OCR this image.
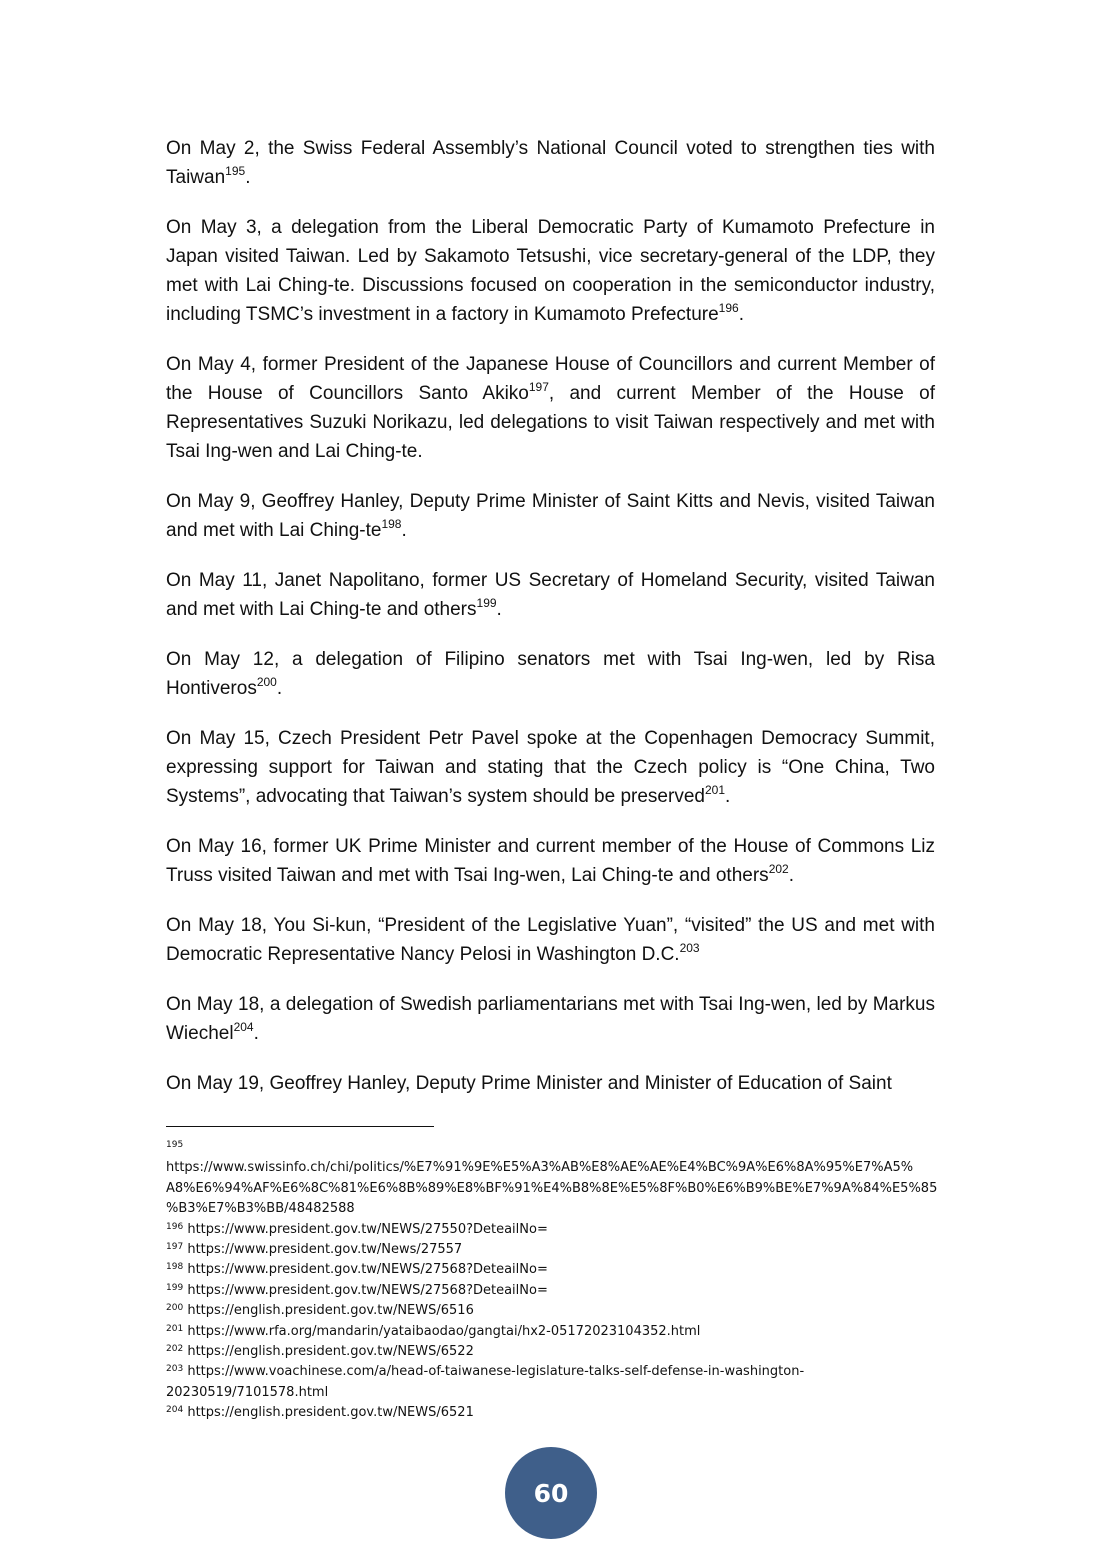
On May 2, the Swiss Federal Assembly’s National Council voted to strengthen ties with Taiwan$^{195}$.

On May 3, a delegation from the Liberal Democratic Party of Kumamoto Prefecture in Japan visited Taiwan. Led by Sakamoto Tetsushi, vice secretary-general of the LDP, they met with Lai Ching-te. Discussions focused on cooperation in the semiconductor industry, including TSMC’s investment in a factory in Kumamoto Prefecture$^{196}$.

On May 4, former President of the Japanese House of Councillors and current Member of the House of Councillors Santo Akiko$^{197}$, and current Member of the House of Representatives Suzuki Norikazu, led delegations to visit Taiwan respectively and met with Tsai Ing-wen and Lai Ching-te.

On May 9, Geoffrey Hanley, Deputy Prime Minister of Saint Kitts and Nevis, visited Taiwan and met with Lai Ching-$te^{198}$.

On May 11, Janet Napolitano, former US Secretary of Homeland Security, visited Taiwan and met with Lai Ching-te and others$^{199}$.

On May 12, a delegation of Filipino senators met with Tsai Ing-wen, led by Risa Hontiveros$^{200}$.

On May 15, Czech President Petr Pavel spoke at the Copenhagen Democracy Summit, expressing support for Taiwan and stating that the Czech policy is “One China, Two Systems”, advocating that Taiwan’s system should be preserved$^{201}$.

On May 16, former UK Prime Minister and current member of the House of Commons Liz Truss visited Taiwan and met with Tsai Ing-wen, Lai Ching-te and others$^{202}$.

On May 18, You Si-kun, “President of the Legislative Yuan”, “visited” the US and met with Democratic Representative Nancy Pelosi in Washington D.C.$^{203}$

On May 18, a delegation of Swedish parliamentarians met with Tsai Ing-wen, led by Markus Wiechel$^{204}$.

On May 19, Geoffrey Hanley, Deputy Prime Minister and Minister of Education of Saint

$^{195}$
https://www.swissinfo.ch/chi/politics/%E7%91%9E%E5%A3%AB%E8%AE%AE%E4%BC%9A%E6%8A%95%E7%A5%
A8%E6%94%AF%E6%8C%81%E6%8B%89%E8%BF%91%E4%B8%8E%E5%8F%B0%E6%B9%BE%E7%9A%84%E5%85
%B3%E7%B3%BB/48482588
$^{196}$ https://www.president.gov.tw/NEWS/27550?DeteailNo=
$^{197}$ https://www.president.gov.tw/News/27557
$^{198}$ https://www.president.gov.tw/NEWS/27568?DeteailNo=
$^{199}$ https://www.president.gov.tw/NEWS/27568?DeteailNo=
$^{200}$ https://english.president.gov.tw/NEWS/6516
$^{201}$ https://www.rfa.org/mandarin/yataibaodao/gangtai/hx2-05172023104352.html
$^{202}$ https://english.president.gov.tw/NEWS/6522
$^{203}$ https://www.voachinese.com/a/head-of-taiwanese-legislature-talks-self-defense-in-washington-
20230519/7101578.html
$^{204}$ https://english.president.gov.tw/NEWS/6521
60
